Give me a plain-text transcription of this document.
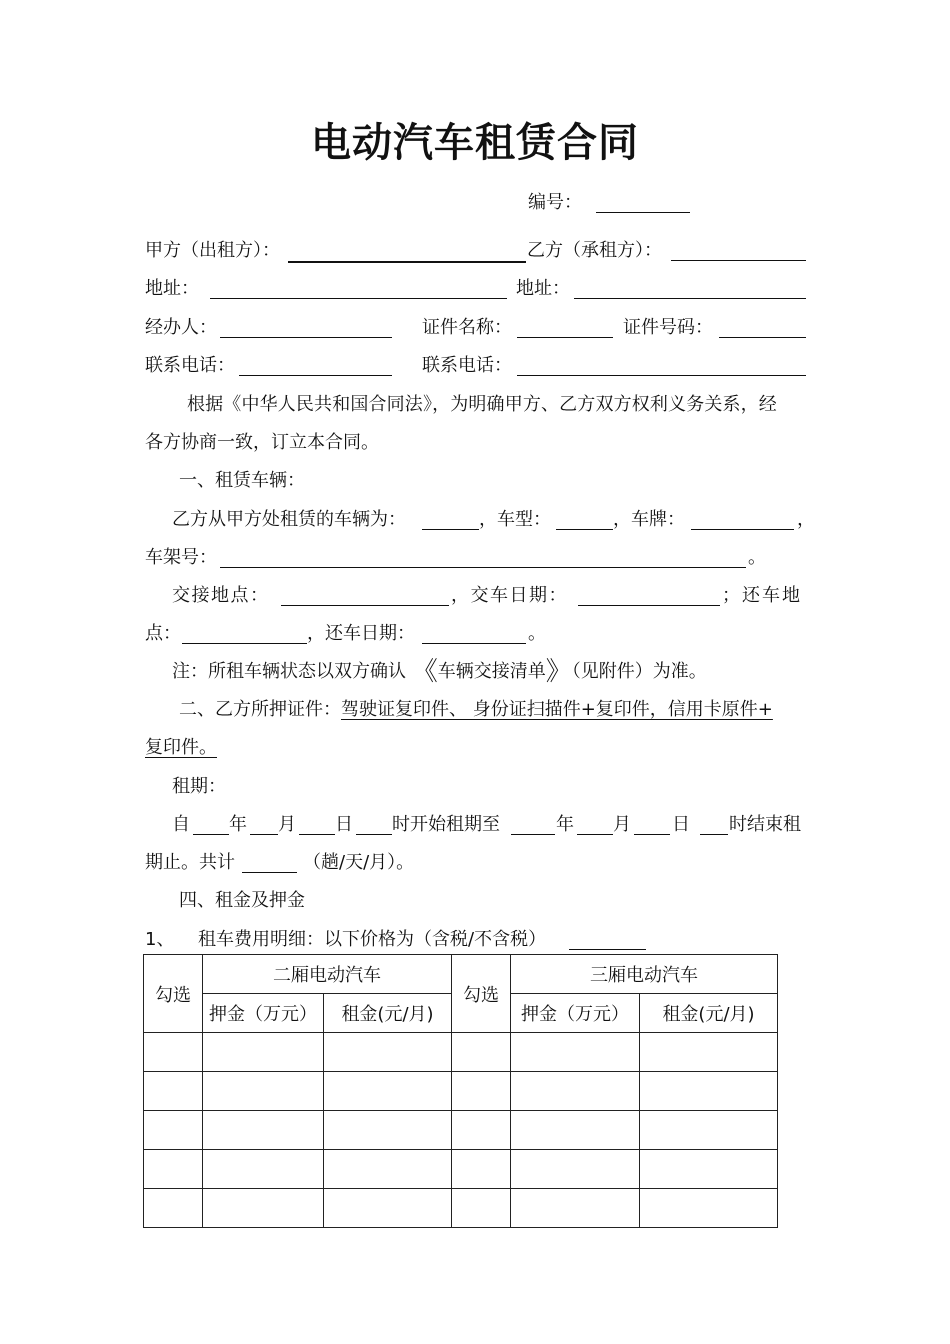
电动汽车租赁合同
编号：
甲方（出租方）：	乙方（承租方）：
地址：	地址：
经办人：	证件名称：	证件号码：
联系电话：	联系电话：
根据《中华人民共和国合同法》，为明确甲方、乙方双方权利义务关系，经
各方协商一致，订立本合同。
一、租赁车辆：
乙方从甲方处租赁的车辆为：	，车型：	，车牌：	，
车架号：	。
交接地点：	，交车日期：	；还车地
点：	，还车日期：	。
注：所租车辆状态以双方确认 《车辆交接清单》（见附件）为准。
二、乙方所押证件：驾驶证复印件、 身份证扫描件+复印件，信用卡原件+
复印件。
租期：
自 年 月 日 时开始租期至	年 月 日 时结束租
期止。共计	（趟/天/月）。
四、租金及押金
1、 租车费用明细：以下价格为（含税/不含税）
勾选	二厢电动汽车		勾选	三厢电动汽车	
	押金（万元）	租金(元/月)		押金（万元）	租金(元/月)
